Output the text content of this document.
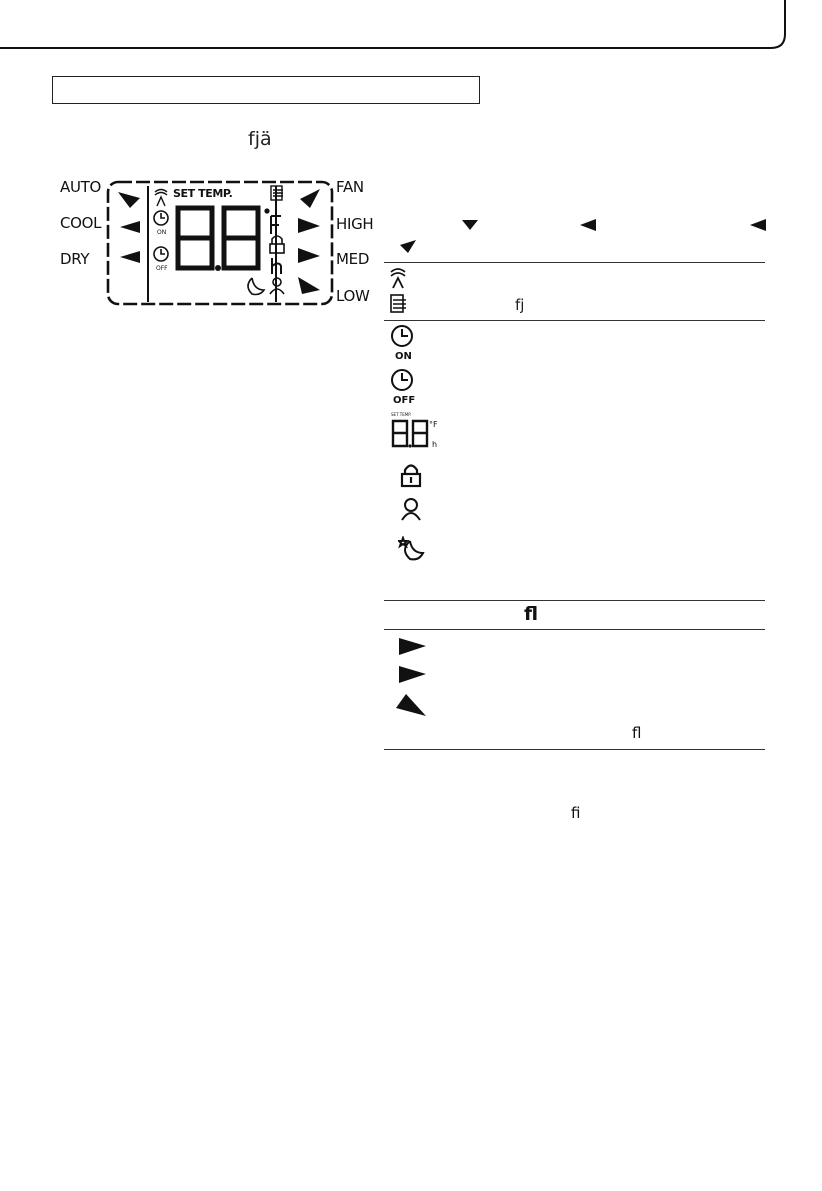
fjä
AUTO
COOL
DRY
FAN
HIGH
MED
LOW
SET TEMP.
ON
OFF
fj
ON
OFF
SET TEMP.
°F
h
fl
fl
fi
